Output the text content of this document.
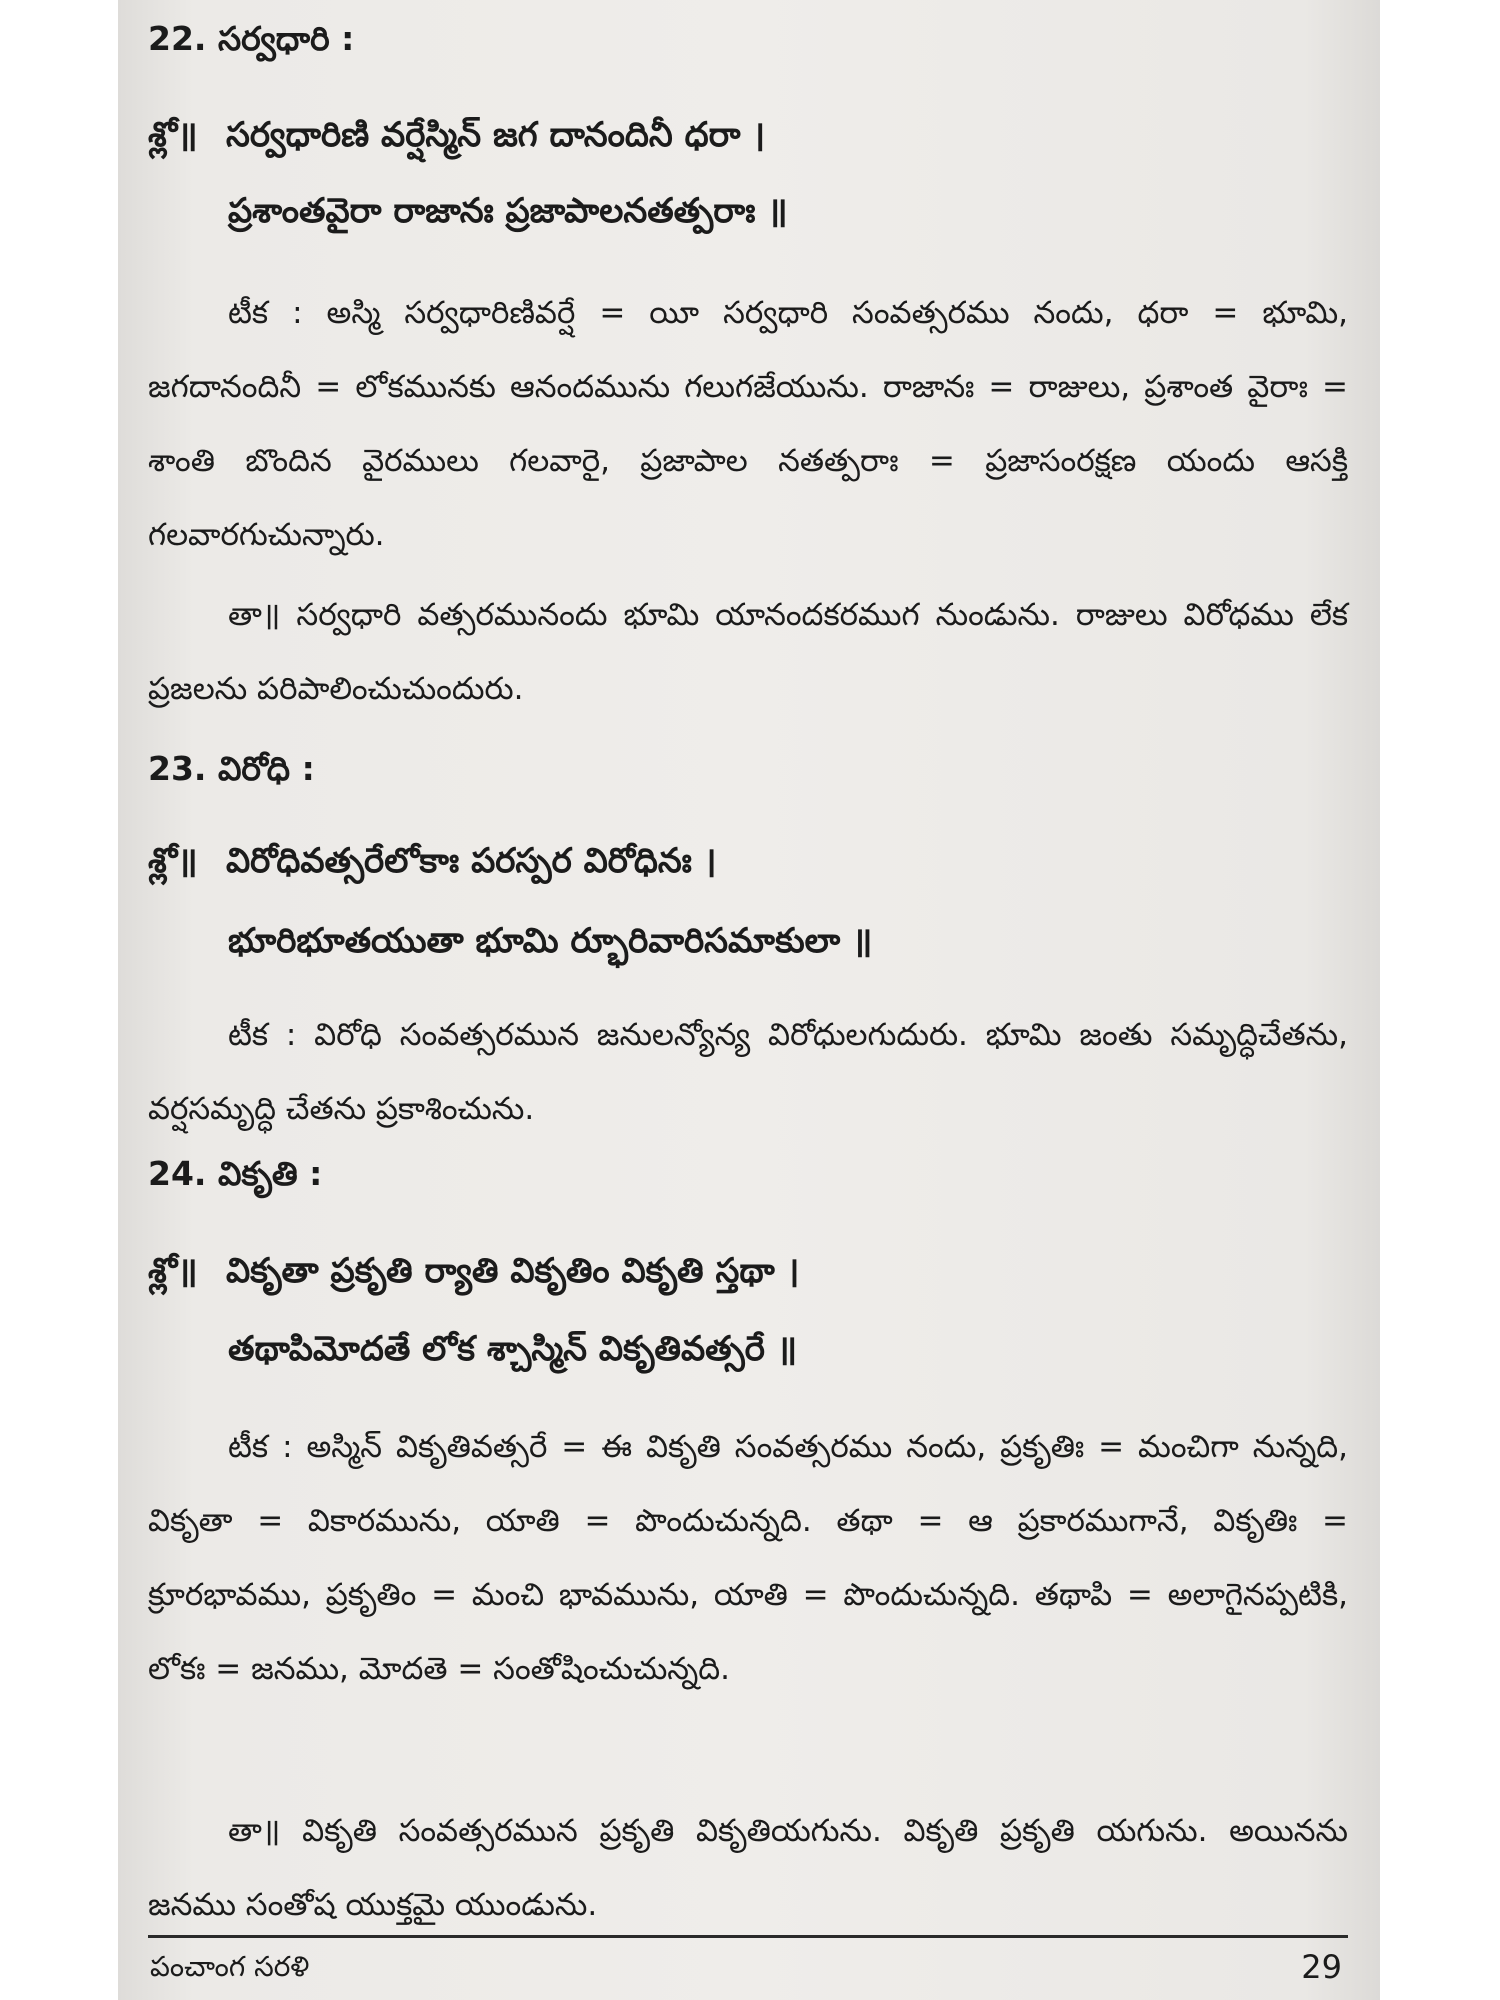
22. సర్వధారి :
శ్లో॥ సర్వధారిణి వర్షేస్మిన్ జగ దానందినీ ధరా ।
ప్రశాంతవైరా రాజానః ప్రజాపాలనతత్పరాః ॥

టీక : అస్మి సర్వధారిణివర్షే = యీ సర్వధారి సంవత్సరము నందు, ధరా = భూమి, జగదానందినీ = లోకమునకు ఆనందమును గలుగజేయును. రాజానః = రాజులు, ప్రశాంత వైరాః = శాంతి బొందిన వైరములు గలవారై, ప్రజాపాల నతత్పరాః = ప్రజాసంరక్షణ యందు ఆసక్తి గలవారగుచున్నారు.

తా॥ సర్వధారి వత్సరమునందు భూమి యానందకరముగ నుండును. రాజులు విరోధము లేక ప్రజలను పరిపాలించుచుందురు.

23. విరోధి :
శ్లో॥ విరోధివత్సరేలోకాః పరస్పర విరోధినః ।
భూరిభూతయుతా భూమి ర్భూరివారిసమాకులా ॥

టీక : విరోధి సంవత్సరమున జనులన్యోన్య విరోధులగుదురు. భూమి జంతు సమృద్ధిచేతను, వర్షసమృద్ధి చేతను ప్రకాశించును.

24. వికృతి :
శ్లో॥ వికృతా ప్రకృతి ర్యాతి వికృతిం వికృతి స్తథా ।
తథాపిమోదతే లోక శ్చాస్మిన్ వికృతివత్సరే ॥

టీక : అస్మిన్ వికృతివత్సరే = ఈ వికృతి సంవత్సరము నందు, ప్రకృతిః = మంచిగా నున్నది, వికృతా = వికారమును, యాతి = పొందుచున్నది. తథా = ఆ ప్రకారముగానే, వికృతిః = క్రూరభావము, ప్రకృతిం = మంచి భావమును, యాతి = పొందుచున్నది. తథాపి = అలాగైనప్పటికి, లోకః = జనము, మోదతె = సంతోషించుచున్నది.

తా॥ వికృతి సంవత్సరమున ప్రకృతి వికృతియగును. వికృతి ప్రకృతి యగును. అయినను జనము సంతోష యుక్తమై యుండును.

పంచాంగ సరళి	29
